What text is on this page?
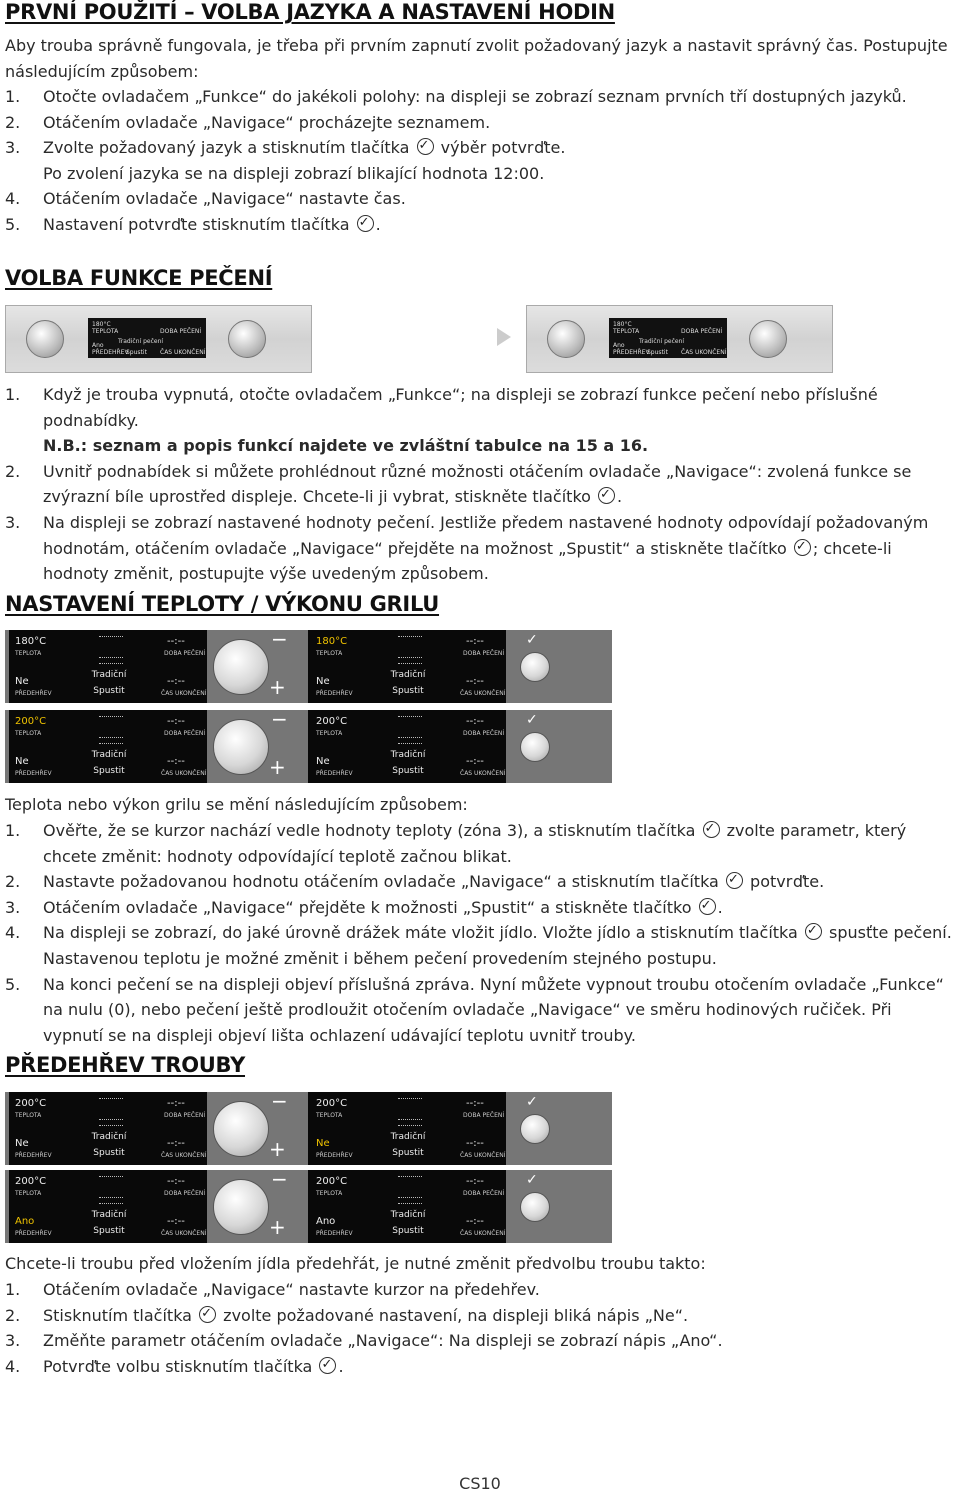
PRVNÍ POUŽITÍ – VOLBA JAZYKA A NASTAVENÍ HODIN

Aby trouba správně fungovala, je třeba při prvním zapnutí zvolit požadovaný jazyk a nastavit správný čas. Postupujte následujícím způsobem:

1. Otočte ovladačem „Funkce“ do jakékoli polohy: na displeji se zobrazí seznam prvních tří dostupných jazyků.
2. Otáčením ovladače „Navigace“ procházejte seznamem.
3. Zvolte požadovaný jazyk a stisknutím tlačítka ✓ výběr potvrďte.
Po zvolení jazyka se na displeji zobrazí blikající hodnota 12:00.
4. Otáčením ovladače „Navigace“ nastavte čas.
5. Nastavení potvrďte stisknutím tlačítka ✓ .
VOLBA FUNKCE PEČENÍ
180°C
TEPLOTA	DOBA PEČENÍ
Tradiční pečení
Ano
PŘEDEHŘEV
Spustit ČAS UKONČENÍ
180°C
TEPLOTA	DOBA PEČENÍ
Tradiční pečení
Ano
PŘEDEHŘEV
Spustit ČAS UKONČENÍ
1. Když je trouba vypnutá, otočte ovladačem „Funkce“; na displeji se zobrazí funkce pečení nebo příslušné podnabídky.
N.B.: seznam a popis funkcí najdete ve zvláštní tabulce na 15 a 16.
2. Uvnitř podnabídek si můžete prohlédnout různé možnosti otáčením ovladače „Navigace“: zvolená funkce se zvýrazní bíle uprostřed displeje. Chcete-li ji vybrat, stiskněte tlačítko ✓ .
3. Na displeji se zobrazí nastavené hodnoty pečení. Jestliže předem nastavené hodnoty odpovídají požadovaným hodnotám, otáčením ovladače „Navigace“ přejděte na možnost „Spustit“ a stiskněte tlačítko ✓ ; chcete-li hodnoty změnit, postupujte výše uvedeným způsobem.
NASTAVENÍ TEPLOTY / VÝKONU GRILU
180°C
TEPLOTA
--:--
DOBA PEČENÍ
Tradiční
Ne
PŘEDEHŘEV	Spustit
--:--
ČAS UKONČENÍ
−
+
180°C
TEPLOTA
--:--
DOBA PEČENÍ
Tradiční
Ne
PŘEDEHŘEV	Spustit
--:--
ČAS UKONČENÍ
✓
200°C
TEPLOTA
--:--
DOBA PEČENÍ
Tradiční
Ne
PŘEDEHŘEV	Spustit
--:--
ČAS UKONČENÍ
−
+
200°C
TEPLOTA
--:--
DOBA PEČENÍ
Tradiční
Ne
PŘEDEHŘEV	Spustit
--:--
ČAS UKONČENÍ
✓

Teplota nebo výkon grilu se mění následujícím způsobem:

1. Ověřte, že se kurzor nachází vedle hodnoty teploty (zóna 3), a stisknutím tlačítka ✓ zvolte parametr, který chcete změnit: hodnoty odpovídající teplotě začnou blikat.
2. Nastavte požadovanou hodnotu otáčením ovladače „Navigace“ a stisknutím tlačítka ✓ potvrďte.
3. Otáčením ovladače „Navigace“ přejděte k možnosti „Spustit“ a stiskněte tlačítko ✓ .
4. Na displeji se zobrazí, do jaké úrovně drážek máte vložit jídlo. Vložte jídlo a stisknutím tlačítka ✓ spusťte pečení. Nastavenou teplotu je možné změnit i během pečení provedením stejného postupu.
5. Na konci pečení se na displeji objeví příslušná zpráva. Nyní můžete vypnout troubu otočením ovladače „Funkce“ na nulu (0), nebo pečení ještě prodloužit otočením ovladače „Navigace“ ve směru hodinových ručiček. Při vypnutí se na displeji objeví lišta ochlazení udávající teplotu uvnitř trouby.
PŘEDEHŘEV TROUBY
200°C
TEPLOTA
--:--
DOBA PEČENÍ
Tradiční
Ne
PŘEDEHŘEV	Spustit
--:--
ČAS UKONČENÍ
−
+
200°C
TEPLOTA
--:--
DOBA PEČENÍ
Tradiční
Ne
PŘEDEHŘEV	Spustit
--:--
ČAS UKONČENÍ
✓
200°C
TEPLOTA
--:--
DOBA PEČENÍ
Tradiční
Ano
PŘEDEHŘEV	Spustit
--:--
ČAS UKONČENÍ
−
+
200°C
TEPLOTA
--:--
DOBA PEČENÍ
Tradiční
Ano
PŘEDEHŘEV	Spustit
--:--
ČAS UKONČENÍ
✓

Chcete-li troubu před vložením jídla předehřát, je nutné změnit předvolbu troubu takto:

1. Otáčením ovladače „Navigace“ nastavte kurzor na předehřev.
2. Stisknutím tlačítka ✓ zvolte požadované nastavení, na displeji bliká nápis „Ne“.
3. Změňte parametr otáčením ovladače „Navigace“: Na displeji se zobrazí nápis „Ano“.
4. Potvrďte volbu stisknutím tlačítka ✓ .
CS10
